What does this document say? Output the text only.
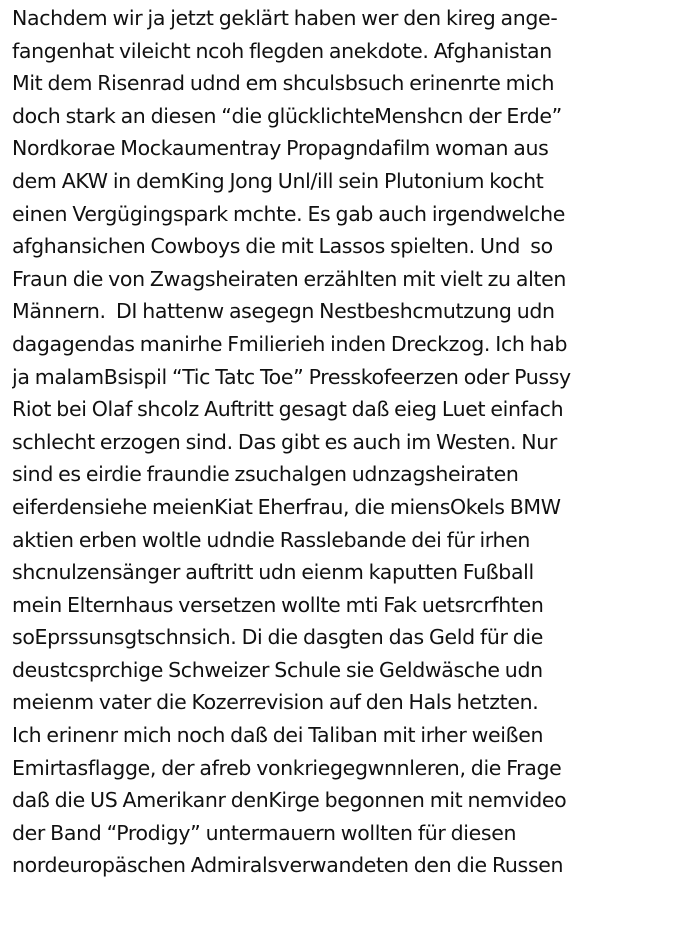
Nachdem wir ja jetzt geklärt haben wer den kireg ange-
fangenhat vileicht ncoh flegden anekdote. Afghanistan
Mit dem Risenrad udnd em shculsbsuch erinenrte mich
doch stark an diesen “die glücklichteMenshcn der Erde”
Nordkorae Mockaumentray Propagndafilm woman aus
dem AKW in demKing Jong Unl/ill sein Plutonium kocht
einen Vergügingspark mchte. Es gab auch irgendwelche
afghansichen Cowboys die mit Lassos spielten. Und  so
Fraun die von Zwagsheiraten erzählten mit vielt zu alten
Männern.  DI hattenw asegegn Nestbeshcmutzung udn
dagagendas manirhe Fmilierieh inden Dreckzog. Ich hab
ja malamBsispil “Tic Tatc Toe” Presskofeerzen oder Pussy
Riot bei Olaf shcolz Auftritt gesagt daß eieg Luet einfach
schlecht erzogen sind. Das gibt es auch im Westen. Nur
sind es eirdie fraundie zsuchalgen udnzagsheiraten
eiferdensiehe meienKiat Eherfrau, die miensOkels BMW
aktien erben woltle udndie Rasslebande dei für irhen
shcnulzensänger auftritt udn eienm kaputten Fußball
mein Elternhaus versetzen wollte mti Fak uetsrcrfhten
soEprssunsgtschnsich. Di die dasgten das Geld für die
deustcsprchige Schweizer Schule sie Geldwäsche udn
meienm vater die Kozerrevision auf den Hals hetzten.
Ich erinenr mich noch daß dei Taliban mit irher weißen
Emirtasflagge, der afreb vonkriegegwnnleren, die Frage
daß die US Amerikanr denKirge begonnen mit nemvideo
der Band “Prodigy” untermauern wollten für diesen
nordeuropäschen Admiralsverwandeten den die Russen
